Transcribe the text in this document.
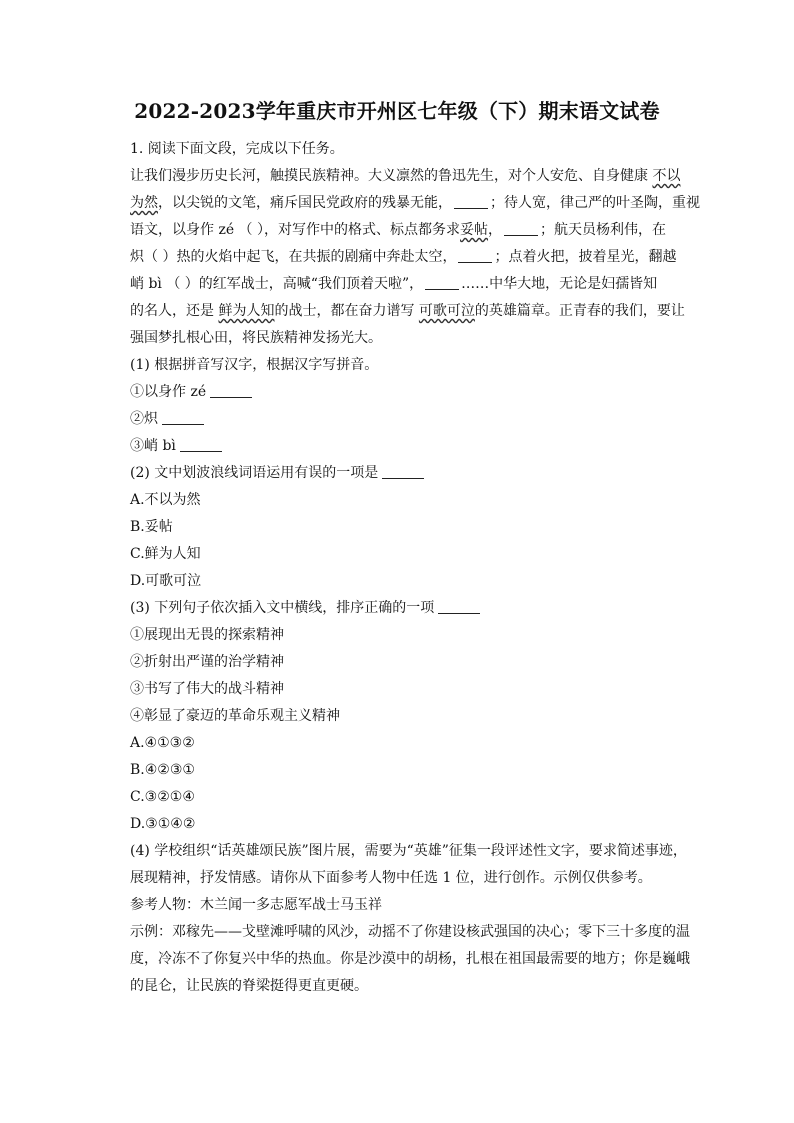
2022-2023学年重庆市开州区七年级（下）期末语文试卷
1. 阅读下面文段，完成以下任务。
让我们漫步历史长河，触摸民族精神。大义凛然的鲁迅先生，对个人安危、自身健康 不以
为然，以尖锐的文笔，痛斥国民党政府的残暴无能，	；待人宽，律己严的叶圣陶，重视
语文，以身作 zé （ ），对写作中的格式、标点都务求妥帖，	；航天员杨利伟，在
炽（ ）热的火焰中起飞，在共振的剧痛中奔赴太空，	；点着火把，披着星光，翻越
峭 bì （ ）的红军战士，高喊“我们顶着天啦”，	……中华大地，无论是妇孺皆知
的名人，还是 鲜为人知的战士，都在奋力谱写 可歌可泣的英雄篇章。正青春的我们，要让
强国梦扎根心田，将民族精神发扬光大。
(1) 根据拼音写汉字，根据汉字写拼音。
①以身作 zé
②炽
③峭 bì
(2) 文中划波浪线词语运用有误的一项是
A.不以为然
B.妥帖
C.鲜为人知
D.可歌可泣
(3) 下列句子依次插入文中横线，排序正确的一项
①展现出无畏的探索精神
②折射出严谨的治学精神
③书写了伟大的战斗精神
④彰显了豪迈的革命乐观主义精神
A.④①③②
B.④②③①
C.③②①④
D.③①④②
(4) 学校组织“话英雄颂民族”图片展，需要为“英雄”征集一段评述性文字，要求简述事迹，
展现精神，抒发情感。请你从下面参考人物中任选 1 位，进行创作。示例仅供参考。
参考人物：木兰闻一多志愿军战士马玉祥
示例：邓稼先——戈壁滩呼啸的风沙，动摇不了你建设核武强国的决心；零下三十多度的温
度，冷冻不了你复兴中华的热血。你是沙漠中的胡杨，扎根在祖国最需要的地方；你是巍峨
的昆仑，让民族的脊梁挺得更直更硬。
